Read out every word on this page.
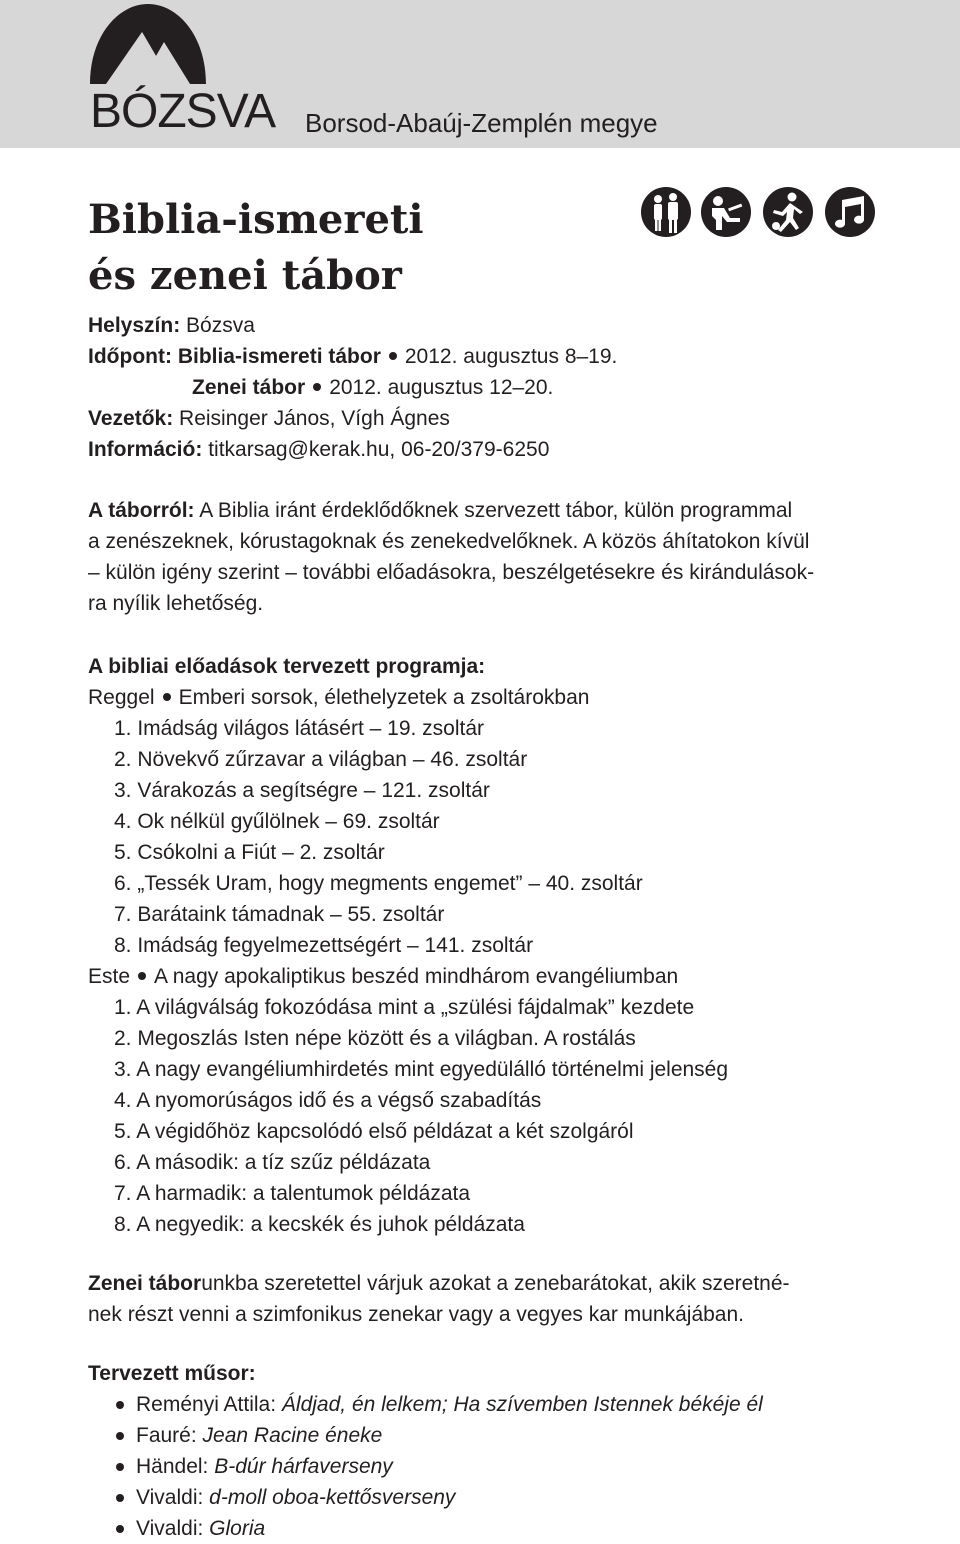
BÓZSVA Borsod-Abaúj-Zemplén megye
Biblia-ismereti
és zenei tábor
Helyszín: Bózsva
Időpont: Biblia-ismereti tábor 2012. augusztus 8–19.
Zenei tábor 2012. augusztus 12–20.
Vezetők: Reisinger János, Vígh Ágnes
Információ: titkarsag@kerak.hu, 06-20/379-6250
A táborról: A Biblia iránt érdeklődőknek szervezett tábor, külön programmal
a zenészeknek, kórustagoknak és zenekedvelőknek. A közös áhítatokon kívül
– külön igény szerint – további előadásokra, beszélgetésekre és kirándulások-
ra nyílik lehetőség.
A bibliai előadások tervezett programja:
Reggel Emberi sorsok, élethelyzetek a zsoltárokban
1. Imádság világos látásért – 19. zsoltár
2. Növekvő zűrzavar a világban – 46. zsoltár
3. Várakozás a segítségre – 121. zsoltár
4. Ok nélkül gyűlölnek – 69. zsoltár
5. Csókolni a Fiút – 2. zsoltár
6. „Tessék Uram, hogy megments engemet” – 40. zsoltár
7. Barátaink támadnak – 55. zsoltár
8. Imádság fegyelmezettségért – 141. zsoltár
Este A nagy apokaliptikus beszéd mindhárom evangéliumban
1. A világválság fokozódása mint a „szülési fájdalmak” kezdete
2. Megoszlás Isten népe között és a világban. A rostálás
3. A nagy evangéliumhirdetés mint egyedülálló történelmi jelenség
4. A nyomorúságos idő és a végső szabadítás
5. A végidőhöz kapcsolódó első példázat a két szolgáról
6. A második: a tíz szűz példázata
7. A harmadik: a talentumok példázata
8. A negyedik: a kecskék és juhok példázata
Zenei táborunkba szeretettel várjuk azokat a zenebarátokat, akik szeretné-
nek részt venni a szimfonikus zenekar vagy a vegyes kar munkájában.
Tervezett műsor:
Reményi Attila: Áldjad, én lelkem; Ha szívemben Istennek békéje él
Fauré: Jean Racine éneke
Händel: B-dúr hárfaverseny
Vivaldi: d-moll oboa-kettősverseny
Vivaldi: Gloria
